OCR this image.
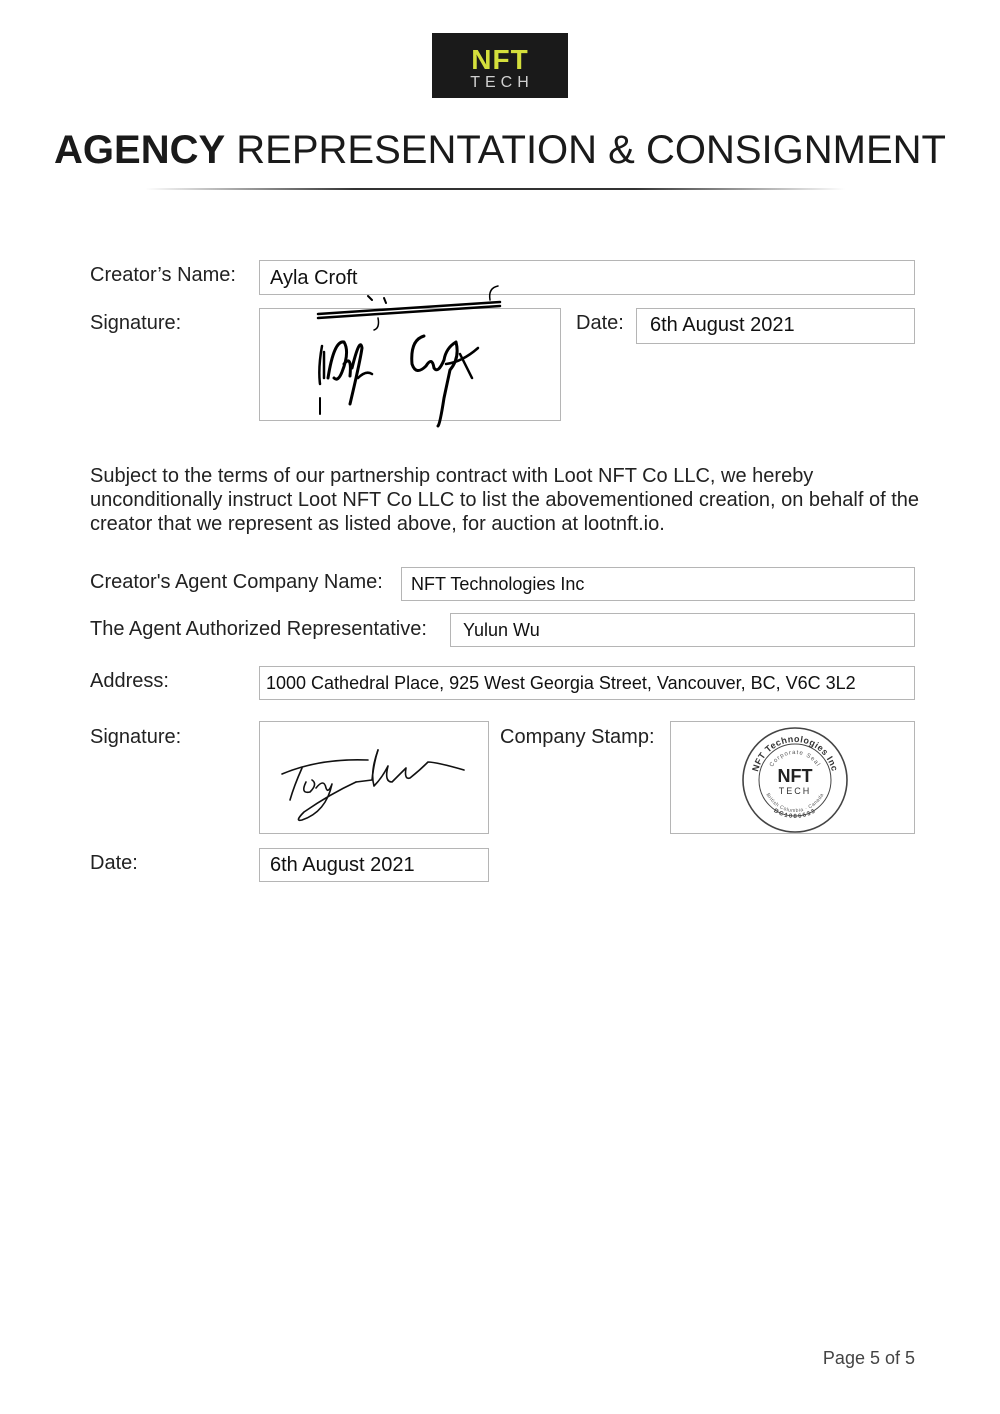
NFT
TECH
AGENCY REPRESENTATION & CONSIGNMENT
Creator’s Name: Ayla Croft
Signature:	Date: 6th August 2021
Subject to the terms of our partnership contract with Loot NFT Co LLC, we hereby unconditionally instruct Loot NFT Co LLC to list the abovementioned creation, on behalf of the creator that we represent as listed above, for auction at lootnft.io.
Creator's Agent Company Name: NFT Technologies Inc
The Agent Authorized Representative: Yulun Wu
Address:	1000 Cathedral Place, 925 West Georgia Street, Vancouver, BC, V6C 3L2
Signature:	Company Stamp:
NFT Technologies Inc
Corporate Seal
NFT
TECH
British Columbia · Canada
BC1086633
Date:	6th August 2021
Page 5 of 5
